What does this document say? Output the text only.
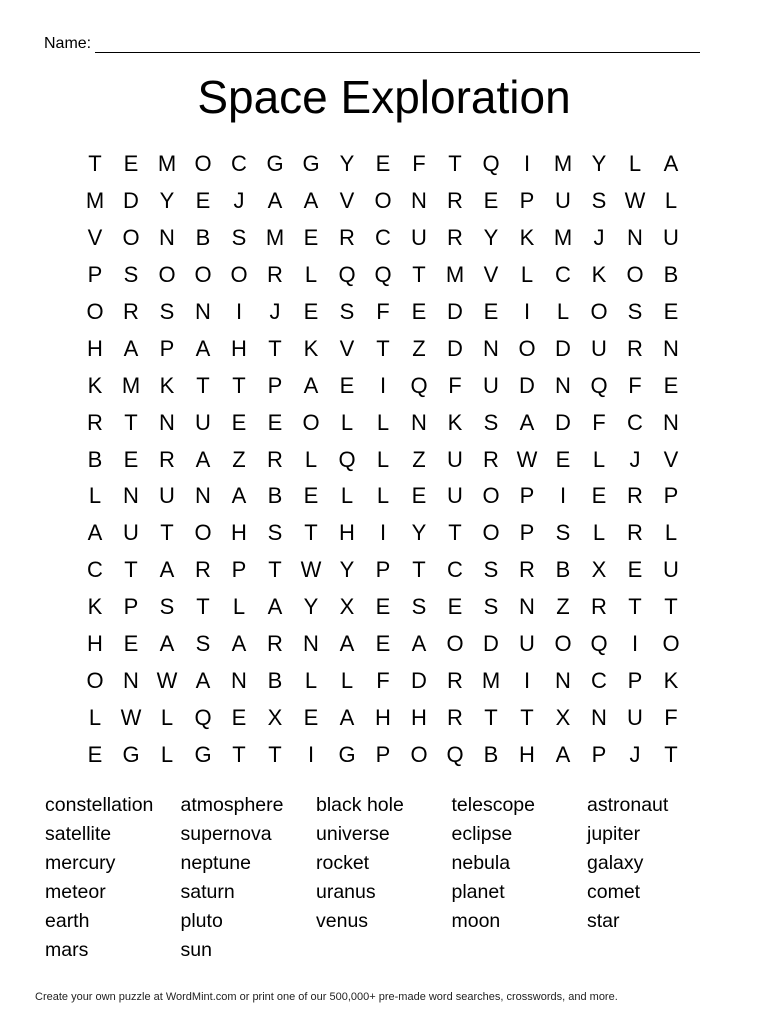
Name:
Space Exploration
T E M O C G G Y E F	T Q	I	M Y	L	A
M D Y E	J	A A V O N R E P U S W L
V O N B S M E R C U R Y K M J	N U
P S O O O R L Q Q T M V	L C K O B
O R S N	I	J	E S F E D E	I	L O S E
H A P A H T K V T	Z D N O D U R N
K M K T	T P A E	I	Q F U D N Q F E
R T N U E E O L	L N K S A D F C N
B E R A Z R L Q L	Z U R W E	L	J	V
L N U N A B E	L	L	E U O P	I	E R P
A U T O H S T H	I	Y T O P S	L R L
C T A R P T W Y P T C S R B X E U
K P S T	L	A Y X E S E S N Z R T	T
H E A S A R N A E A O D U O Q	I	O
O N W A N B	L	L	F D R M	I	N C P K
L W L Q E X E A H H R T	T X N U F
E G L G T	T	I	G P O Q B H A P	J	T
constellation
satellite
mercury
meteor
earth
mars
atmosphere
supernova
neptune
saturn
pluto
sun
black hole
universe
rocket
uranus
venus
telescope
eclipse
nebula
planet
moon
astronaut
jupiter
galaxy
comet
star
Create your own puzzle at WordMint.com or print one of our 500,000+ pre-made word searches, crosswords, and more.
